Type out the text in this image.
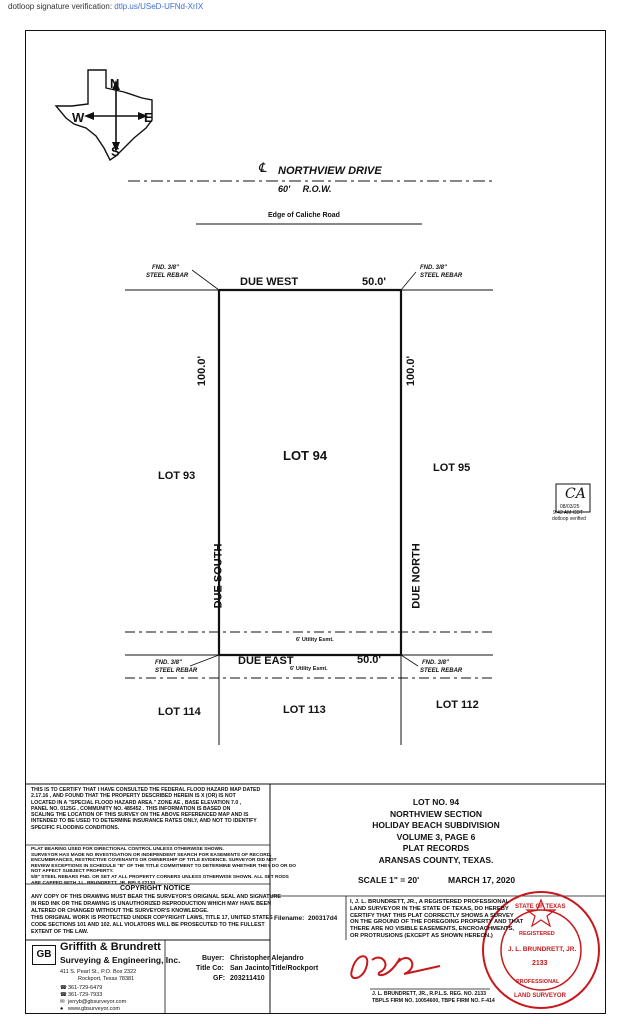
dotloop signature verification: dtlp.us/USeD-UFNd-XrIX
N
S
E
W
℄ NORTHVIEW DRIVE
60'     R.O.W.
Edge of Caliche Road
FND. 3/8"
STEEL REBAR
FND. 3/8"
STEEL REBAR
FND. 3/8"
STEEL REBAR
FND. 3/8"
STEEL REBAR
DUE WEST	50.0'
DUE EAST	50.0'
100.0'
DUE SOUTH
100.0'
DUE NORTH
LOT 94
LOT 93
LOT 95
LOT 114	LOT 113	LOT 112
6' Utility Esmt.
6' Utility Esmt.
CA
08/03/25
9:42 AM CDT
dotloop verified
THIS IS TO CERTIFY THAT I HAVE CONSULTED THE FEDERAL FLOOD HAZARD MAP DATED
2.17.16 , AND FOUND THAT THE PROPERTY DESCRIBED HEREIN IS X (OR) IS NOT
LOCATED IN A "SPECIAL FLOOD HAZARD AREA." ZONE AE , BASE ELEVATION 7.0 ,
PANEL NO. 0125G , COMMUNITY NO. 485452 . THIS INFORMATION IS BASED ON
SCALING THE LOCATION OF THIS SURVEY ON THE ABOVE REFERENCED MAP AND IS
INTENDED TO BE USED TO DETERMINE INSURANCE RATES ONLY, AND NOT TO IDENTIFY
SPECIFIC FLOODING CONDITIONS.
PLAT BEARING USED FOR DIRECTIONAL CONTROL UNLESS OTHERWISE SHOWN.
SURVEYOR HAS MADE NO INVESTIGATION OR INDEPENDENT SEARCH FOR EASEMENTS OF RECORD,
ENCUMBRANCES, RESTRICTIVE COVENANTS OR OWNERSHIP OF TITLE EVIDENCE. SURVEYOR DID NOT
REVIEW EXCEPTIONS IN SCHEDULE "B" OF THE TITLE COMMITMENT TO DETERMINE WHETHER THEY DO OR DO
NOT AFFECT SUBJECT PROPERTY.
5/8" STEEL REBARS FND. OR SET AT ALL PROPERTY CORNERS UNLESS OTHERWISE SHOWN. ALL SET RODS
ARE CAPPED WITH J.L. BRUNDRETT, JR. RPLS #2133
COPYRIGHT NOTICE
ANY COPY OF THIS DRAWING MUST BEAR THE SURVEYOR'S ORIGINAL SEAL AND SIGNATURE
IN RED INK OR THE DRAWING IS UNAUTHORIZED REPRODUCTION WHICH MAY HAVE BEEN
ALTERED OR CHANGED WITHOUT THE SURVEYOR'S KNOWLEDGE.
THIS ORIGINAL WORK IS PROTECTED UNDER COPYRIGHT LAWS, TITLE 17, UNITED STATES
CODE SECTIONS 101 AND 102. ALL VIOLATORS WILL BE PROSECUTED TO THE FULLEST
EXTENT OF THE LAW.
LOT NO. 94
NORTHVIEW SECTION
HOLIDAY BEACH SUBDIVISION
VOLUME 3, PAGE 6
PLAT RECORDS
ARANSAS COUNTY, TEXAS.
SCALE 1" = 20'	MARCH 17, 2020
Filename: 200317d4
I, J. L. BRUNDRETT, JR., A REGISTERED PROFESSIONAL
LAND SURVEYOR IN THE STATE OF TEXAS, DO HEREBY
CERTIFY THAT THIS PLAT CORRECTLY SHOWS A SURVEY
ON THE GROUND OF THE FOREGOING PROPERTY AND THAT
THERE ARE NO VISIBLE EASEMENTS, ENCROACHMENTS,
OR PROTRUSIONS (EXCEPT AS SHOWN HEREON.)
J. L. BRUNDRETT, JR., R.P.L.S. REG. NO. 2133
TBPLS FIRM NO. 10054600, TBPE FIRM NO. F-414
STATE OF TEXAS
REGISTERED
J. L. BRUNDRETT, JR.
2133
PROFESSIONAL
LAND SURVEYOR
GB
Griffith & Brundrett
Surveying & Engineering, Inc.
411 S. Pearl St., P.O. Box 2322
Rockport, Texas 78381
☎ 361-729-6479
☎ 361-729-7933
✉ jerryb@gbsurveyor.com
● www.gbsurveyor.com
Buyer: Christopher Alejandro
Title Co: San Jacinto Title/Rockport
GF: 203211410
